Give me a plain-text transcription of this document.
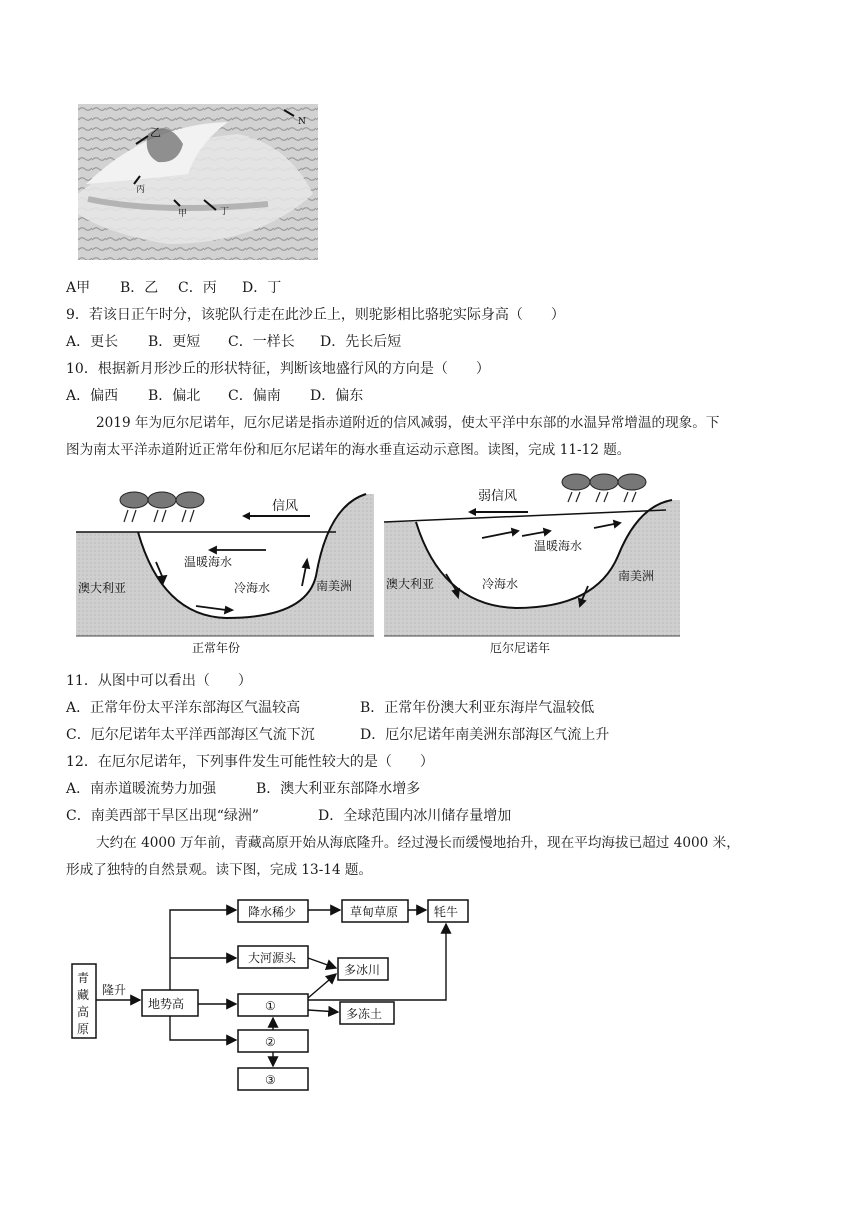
N
乙
丙
甲	丁
A甲 B．乙 C．丙 D．丁
9．若该日正午时分，该驼队行走在此沙丘上，则驼影相比骆驼实际身高（　　）
A．更长 B．更短 C．一样长 D．先长后短
10．根据新月形沙丘的形状特征，判断该地盛行风的方向是（　　）
A．偏西 B．偏北 C．偏南 D．偏东
2019 年为厄尔尼诺年，厄尔尼诺是指赤道附近的信风减弱，使太平洋中东部的水温异常增温的现象。下
图为南太平洋赤道附近正常年份和厄尔尼诺年的海水垂直运动示意图。读图，完成 11-12 题。
信风
温暖海水
冷海水
澳大利亚	南美洲
正常年份
弱信风
温暖海水
冷海水
澳大利亚
南美洲
厄尔尼诺年
11．从图中可以看出（　　）
A．正常年份太平洋东部海区气温较高	B．正常年份澳大利亚东海岸气温较低
C．厄尔尼诺年太平洋西部海区气流下沉	D．厄尔尼诺年南美洲东部海区气流上升
12．在厄尔尼诺年，下列事件发生可能性较大的是（　　）
A．南赤道暖流势力加强	B．澳大利亚东部降水增多
C．南美西部干旱区出现“绿洲”	D．全球范围内冰川储存量增加
大约在 4000 万年前，青藏高原开始从海底隆升。经过漫长而缓慢地抬升，现在平均海拔已超过 4000 米，
形成了独特的自然景观。读下图，完成 13-14 题。
青
藏
高
原
隆升
地势高
降水稀少	草甸草原	牦牛
大河源头
多冰川
①
多冻土
②
③
